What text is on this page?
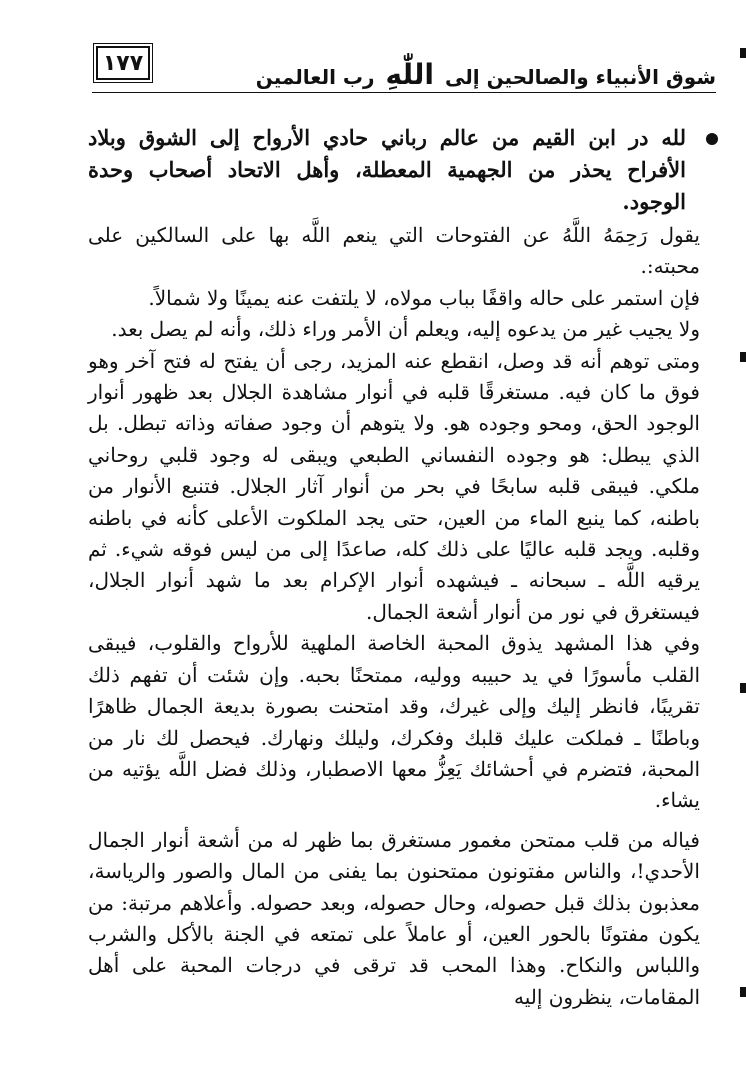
١٧٧
شوق الأنبياء والصالحين إلى اللّٰهِ رب العالمين
لله در ابن القيم من عالم رباني حادي الأرواح إلى الشوق وبلاد الأفراح يحذر من الجهمية المعطلة، وأهل الاتحاد أصحاب وحدة الوجود.
يقول رَحِمَهُ اللَّهُ عن الفتوحات التي ينعم اللَّه بها على السالكين على محبته:.
فإن استمر على حاله واقفًا بباب مولاه، لا يلتفت عنه يمينًا ولا شمالاً.
ولا يجيب غير من يدعوه إليه، ويعلم أن الأمر وراء ذلك، وأنه لم يصل بعد.
ومتى توهم أنه قد وصل، انقطع عنه المزيد، رجى أن يفتح له فتح آخر وهو فوق ما كان فيه. مستغرقًا قلبه في أنوار مشاهدة الجلال بعد ظهور أنوار الوجود الحق، ومحو وجوده هو. ولا يتوهم أن وجود صفاته وذاته تبطل. بل الذي يبطل: هو وجوده النفساني الطبعي ويبقى له وجود قلبي روحاني ملكي. فيبقى قلبه سابحًا في بحر من أنوار آثار الجلال. فتنبع الأنوار من باطنه، كما ينبع الماء من العين، حتى يجد الملكوت الأعلى كأنه في باطنه وقلبه. ويجد قلبه عاليًا على ذلك كله، صاعدًا إلى من ليس فوقه شيء. ثم يرقيه اللَّه ـ سبحانه ـ فيشهده أنوار الإكرام بعد ما شهد أنوار الجلال، فيستغرق في نور من أنوار أشعة الجمال.
وفي هذا المشهد يذوق المحبة الخاصة الملهية للأرواح والقلوب، فيبقى القلب مأسورًا في يد حبيبه ووليه، ممتحنًا بحبه. وإن شئت أن تفهم ذلك تقريبًا، فانظر إليك وإلى غيرك، وقد امتحنت بصورة بديعة الجمال ظاهرًا وباطنًا ـ فملكت عليك قلبك وفكرك، وليلك ونهارك. فيحصل لك نار من المحبة، فتضرم في أحشائك يَعِزُّ معها الاصطبار، وذلك فضل اللَّه يؤتيه من يشاء.
فياله من قلب ممتحن مغمور مستغرق بما ظهر له من أشعة أنوار الجمال الأحدي!، والناس مفتونون ممتحنون بما يفنى من المال والصور والرياسة، معذبون بذلك قبل حصوله، وحال حصوله، وبعد حصوله. وأعلاهم مرتبة: من يكون مفتونًا بالحور العين، أو عاملاً على تمتعه في الجنة بالأكل والشرب واللباس والنكاح. وهذا المحب قد ترقى في درجات المحبة على أهل المقامات، ينظرون إليه
